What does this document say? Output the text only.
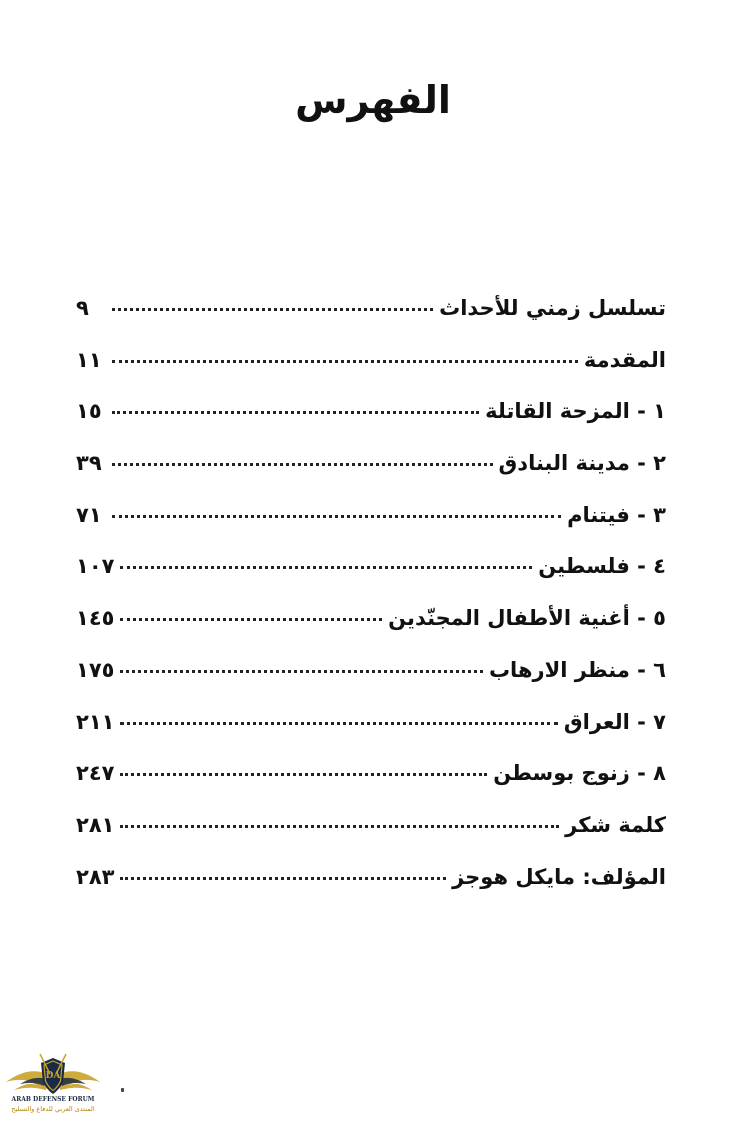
الفهرس
تسلسل زمني للأحداث
٩
المقدمة
١١
١ - المزحة القاتلة
١٥
٢ - مدينة البنادق
٣٩
٣ - فيتنام
٧١
٤ - فلسطين
١٠٧
٥ - أغنية الأطفال المجنّدين
١٤٥
٦ - منظر الارهاب
١٧٥
٧ - العراق
٢١١
٨ - زنوج بوسطن
٢٤٧
كلمة شكر
٢٨١
المؤلف: مايكل هوجز
٢٨٣
DA
ARAB DEFENSE FORUM
المنتدى العربي للدفاع والتسليح
